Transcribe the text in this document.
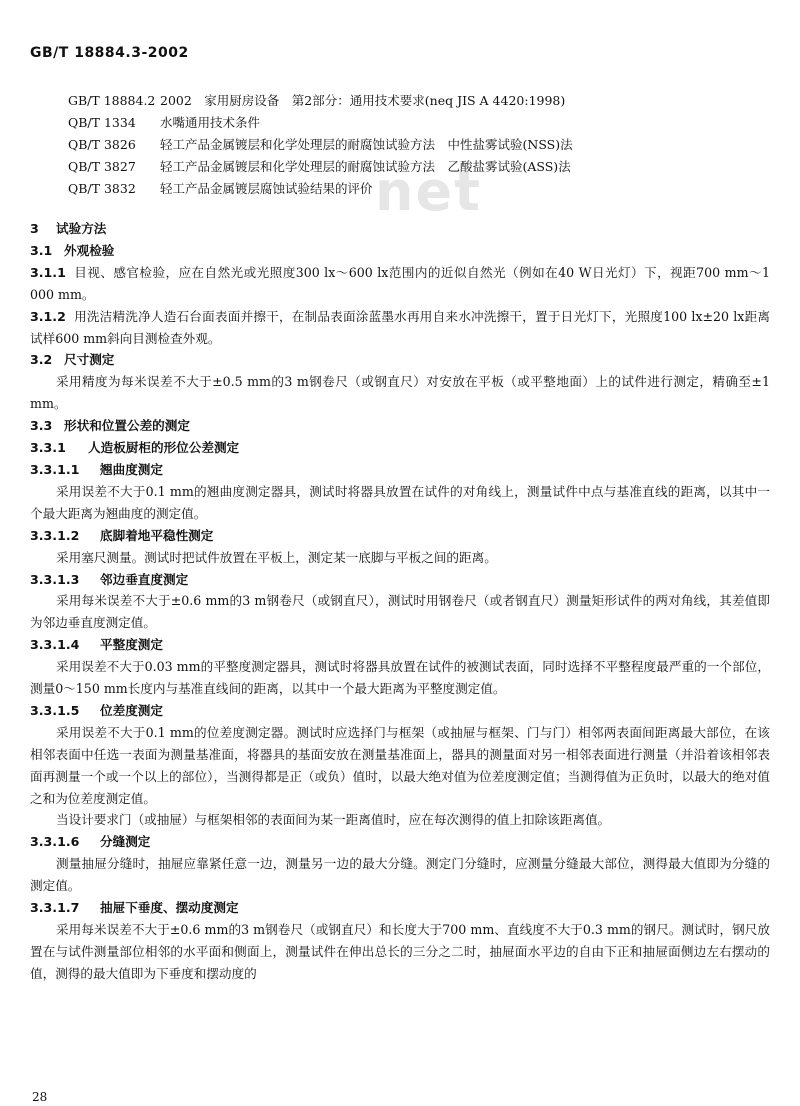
net
GB/T 18884.3-2002
GB/T 18884.2 2002　家用厨房设备　第2部分：通用技术要求(neq JIS A 4420:1998)
QB/T 1334	水嘴通用技术条件
QB/T 3826	轻工产品金属镀层和化学处理层的耐腐蚀试验方法　中性盐雾试验(NSS)法
QB/T 3827	轻工产品金属镀层和化学处理层的耐腐蚀试验方法　乙酸盐雾试验(ASS)法
QB/T 3832	轻工产品金属镀层腐蚀试验结果的评价
3 试验方法
3.1 外观检验
3.1.1 目视、感官检验，应在自然光或光照度300 lx～600 lx范围内的近似自然光（例如在40 W日光灯）下，视距700 mm～1 000 mm。
3.1.2 用洗洁精洗净人造石台面表面并擦干，在制品表面涂蓝墨水再用自来水冲洗擦干，置于日光灯下，光照度100 lx±20 lx距离试样600 mm斜向目测检查外观。
3.2 尺寸测定
采用精度为每米误差不大于±0.5 mm的3 m钢卷尺（或钢直尺）对安放在平板（或平整地面）上的试件进行测定，精确至±1 mm。
3.3 形状和位置公差的测定
3.3.1 人造板厨柜的形位公差测定
3.3.1.1 翘曲度测定
采用误差不大于0.1 mm的翘曲度测定器具，测试时将器具放置在试件的对角线上，测量试件中点与基准直线的距离，以其中一个最大距离为翘曲度的测定值。
3.3.1.2 底脚着地平稳性测定
采用塞尺测量。测试时把试件放置在平板上，测定某一底脚与平板之间的距离。
3.3.1.3 邻边垂直度测定
采用每米误差不大于±0.6 mm的3 m钢卷尺（或钢直尺），测试时用钢卷尺（或者钢直尺）测量矩形试件的两对角线，其差值即为邻边垂直度测定值。
3.3.1.4 平整度测定
采用误差不大于0.03 mm的平整度测定器具，测试时将器具放置在试件的被测试表面，同时选择不平整程度最严重的一个部位，测量0～150 mm长度内与基准直线间的距离，以其中一个最大距离为平整度测定值。
3.3.1.5 位差度测定
采用误差不大于0.1 mm的位差度测定器。测试时应选择门与框架（或抽屉与框架、门与门）相邻两表面间距离最大部位，在该相邻表面中任选一表面为测量基准面，将器具的基面安放在测量基准面上，器具的测量面对另一相邻表面进行测量（并沿着该相邻表面再测量一个或一个以上的部位），当测得都是正（或负）值时，以最大绝对值为位差度测定值；当测得值为正负时，以最大的绝对值之和为位差度测定值。
当设计要求门（或抽屉）与框架相邻的表面间为某一距离值时，应在每次测得的值上扣除该距离值。
3.3.1.6 分缝测定
测量抽屉分缝时，抽屉应靠紧任意一边，测量另一边的最大分缝。测定门分缝时，应测量分缝最大部位，测得最大值即为分缝的测定值。
3.3.1.7 抽屉下垂度、摆动度测定
采用每米误差不大于±0.6 mm的3 m钢卷尺（或钢直尺）和长度大于700 mm、直线度不大于0.3 mm的钢尺。测试时，钢尺放置在与试件测量部位相邻的水平面和侧面上，测量试件在伸出总长的三分之二时，抽屉面水平边的自由下正和抽屉面侧边左右摆动的值，测得的最大值即为下垂度和摆动度的
28
